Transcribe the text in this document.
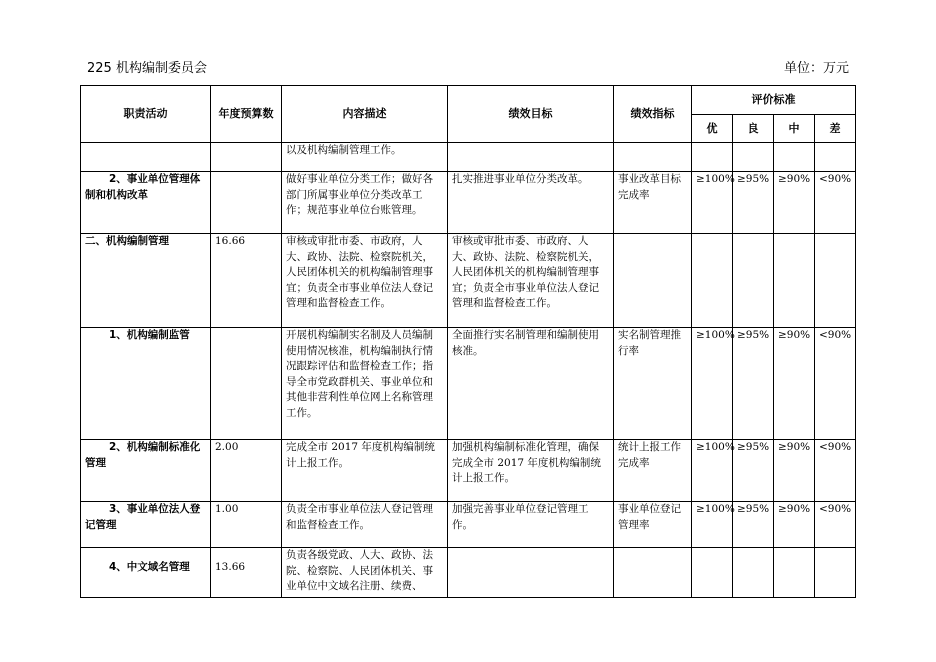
225 机构编制委员会	单位：万元
职责活动	年度预算数	内容描述	绩效目标	绩效指标	评价标准			
					优	良	中	差
		以及机构编制管理工作。						
2、事业单位管理体制和机构改革		做好事业单位分类工作；做好各部门所属事业单位分类改革工作；规范事业单位台账管理。	扎实推进事业单位分类改革。	事业改革目标完成率	≥100%	≥95%	≥90%	<90%
二、机构编制管理	16.66	审核或审批市委、市政府，人大、政协、法院、检察院机关，人民团体机关的机构编制管理事宜；负责全市事业单位法人登记管理和监督检查工作。	审核或审批市委、市政府、人大、政协、法院、检察院机关，人民团体机关的机构编制管理事宜；负责全市事业单位法人登记管理和监督检查工作。					
1、机构编制监管		开展机构编制实名制及人员编制使用情况核准，机构编制执行情况跟踪评估和监督检查工作；指导全市党政群机关、事业单位和其他非营利性单位网上名称管理工作。	全面推行实名制管理和编制使用核准。	实名制管理推行率	≥100%	≥95%	≥90%	<90%
2、机构编制标准化管理	2.00	完成全市 2017 年度机构编制统计上报工作。	加强机构编制标准化管理，确保完成全市 2017 年度机构编制统计上报工作。	统计上报工作完成率	≥100%	≥95%	≥90%	<90%
3、事业单位法人登记管理	1.00	负责全市事业单位法人登记管理和监督检查工作。	加强完善事业单位登记管理工作。	事业单位登记管理率	≥100%	≥95%	≥90%	<90%
4、中文域名管理	13.66	负责各级党政、人大、政协、法院、检察院、人民团体机关、事业单位中文域名注册、续费、						
